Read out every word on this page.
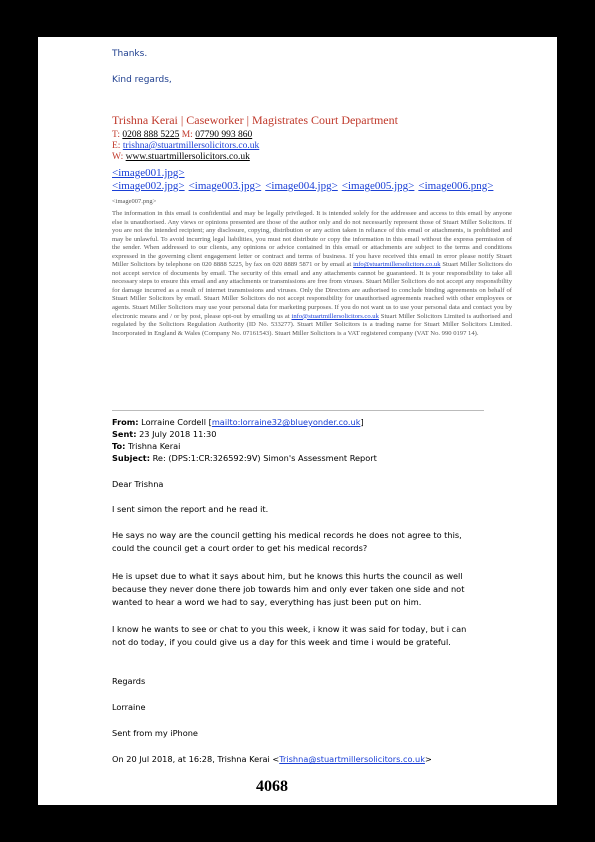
Thanks.
Kind regards,
Trishna Kerai | Caseworker | Magistrates Court Department
T: 0208 888 5225 M: 07790 993 860
E: trishna@stuartmillersolicitors.co.uk
W: www.stuartmillersolicitors.co.uk
<image001.jpg>
<image002.jpg> <image003.jpg> <image004.jpg> <image005.jpg> <image006.png>
<image007.png>
The information in this email is confidential and may be legally privileged. It is intended solely for the addressee and access to this email by anyone else is unauthorised. Any views or opinions presented are those of the author only and do not necessarily represent those of Stuart Miller Solicitors. If you are not the intended recipient; any disclosure, copying, distribution or any action taken in reliance of this email or attachments, is prohibited and may be unlawful. To avoid incurring legal liabilities, you must not distribute or copy the information in this email without the express permission of the sender. When addressed to our clients, any opinions or advice contained in this email or attachments are subject to the terms and conditions expressed in the governing client engagement letter or contract and terms of business. If you have received this email in error please notify Stuart Miller Solicitors by telephone on 020 8888 5225, by fax on 020 8889 5871 or by email at info@stuartmillersolicitors.co.uk Stuart Miller Solicitors do not accept service of documents by email. The security of this email and any attachments cannot be guaranteed. It is your responsibility to take all necessary steps to ensure this email and any attachments or transmissions are free from viruses. Stuart Miller Solicitors do not accept any responsibility for damage incurred as a result of internet transmissions and viruses. Only the Directors are authorised to conclude binding agreements on behalf of Stuart Miller Solicitors by email. Stuart Miller Solicitors do not accept responsibility for unauthorised agreements reached with other employees or agents. Stuart Miller Solicitors may use your personal data for marketing purposes. If you do not want us to use your personal data and contact you by electronic means and / or by post, please opt-out by emailing us at info@stuartmillersolicitors.co.uk Stuart Miller Solicitors Limited is authorised and regulated by the Solicitors Regulation Authority (ID No. 533277). Stuart Miller Solicitors is a trading name for Stuart Miller Solicitors Limited. Incorporated in England & Wales (Company No. 07161543). Stuart Miller Solicitors is a VAT registered company (VAT No. 990 0197 14).
From: Lorraine Cordell [mailto:lorraine32@blueyonder.co.uk]
Sent: 23 July 2018 11:30
To: Trishna Kerai
Subject: Re: (DPS:1:CR:326592:9V) Simon's Assessment Report
Dear Trishna
I sent simon the report and he read it.
He says no way are the council getting his medical records he does not agree to this, could the council get a court order to get his medical records?
He is upset due to what it says about him, but he knows this hurts the council as well because they never done there job towards him and only ever taken one side and not wanted to hear a word we had to say, everything has just been put on him.
I know he wants to see or chat to you this week, i know it was said for today, but i can not do today, if you could give us a day for this week and time i would be grateful.
Regards
Lorraine
Sent from my iPhone
On 20 Jul 2018, at 16:28, Trishna Kerai <Trishna@stuartmillersolicitors.co.uk>
4068
